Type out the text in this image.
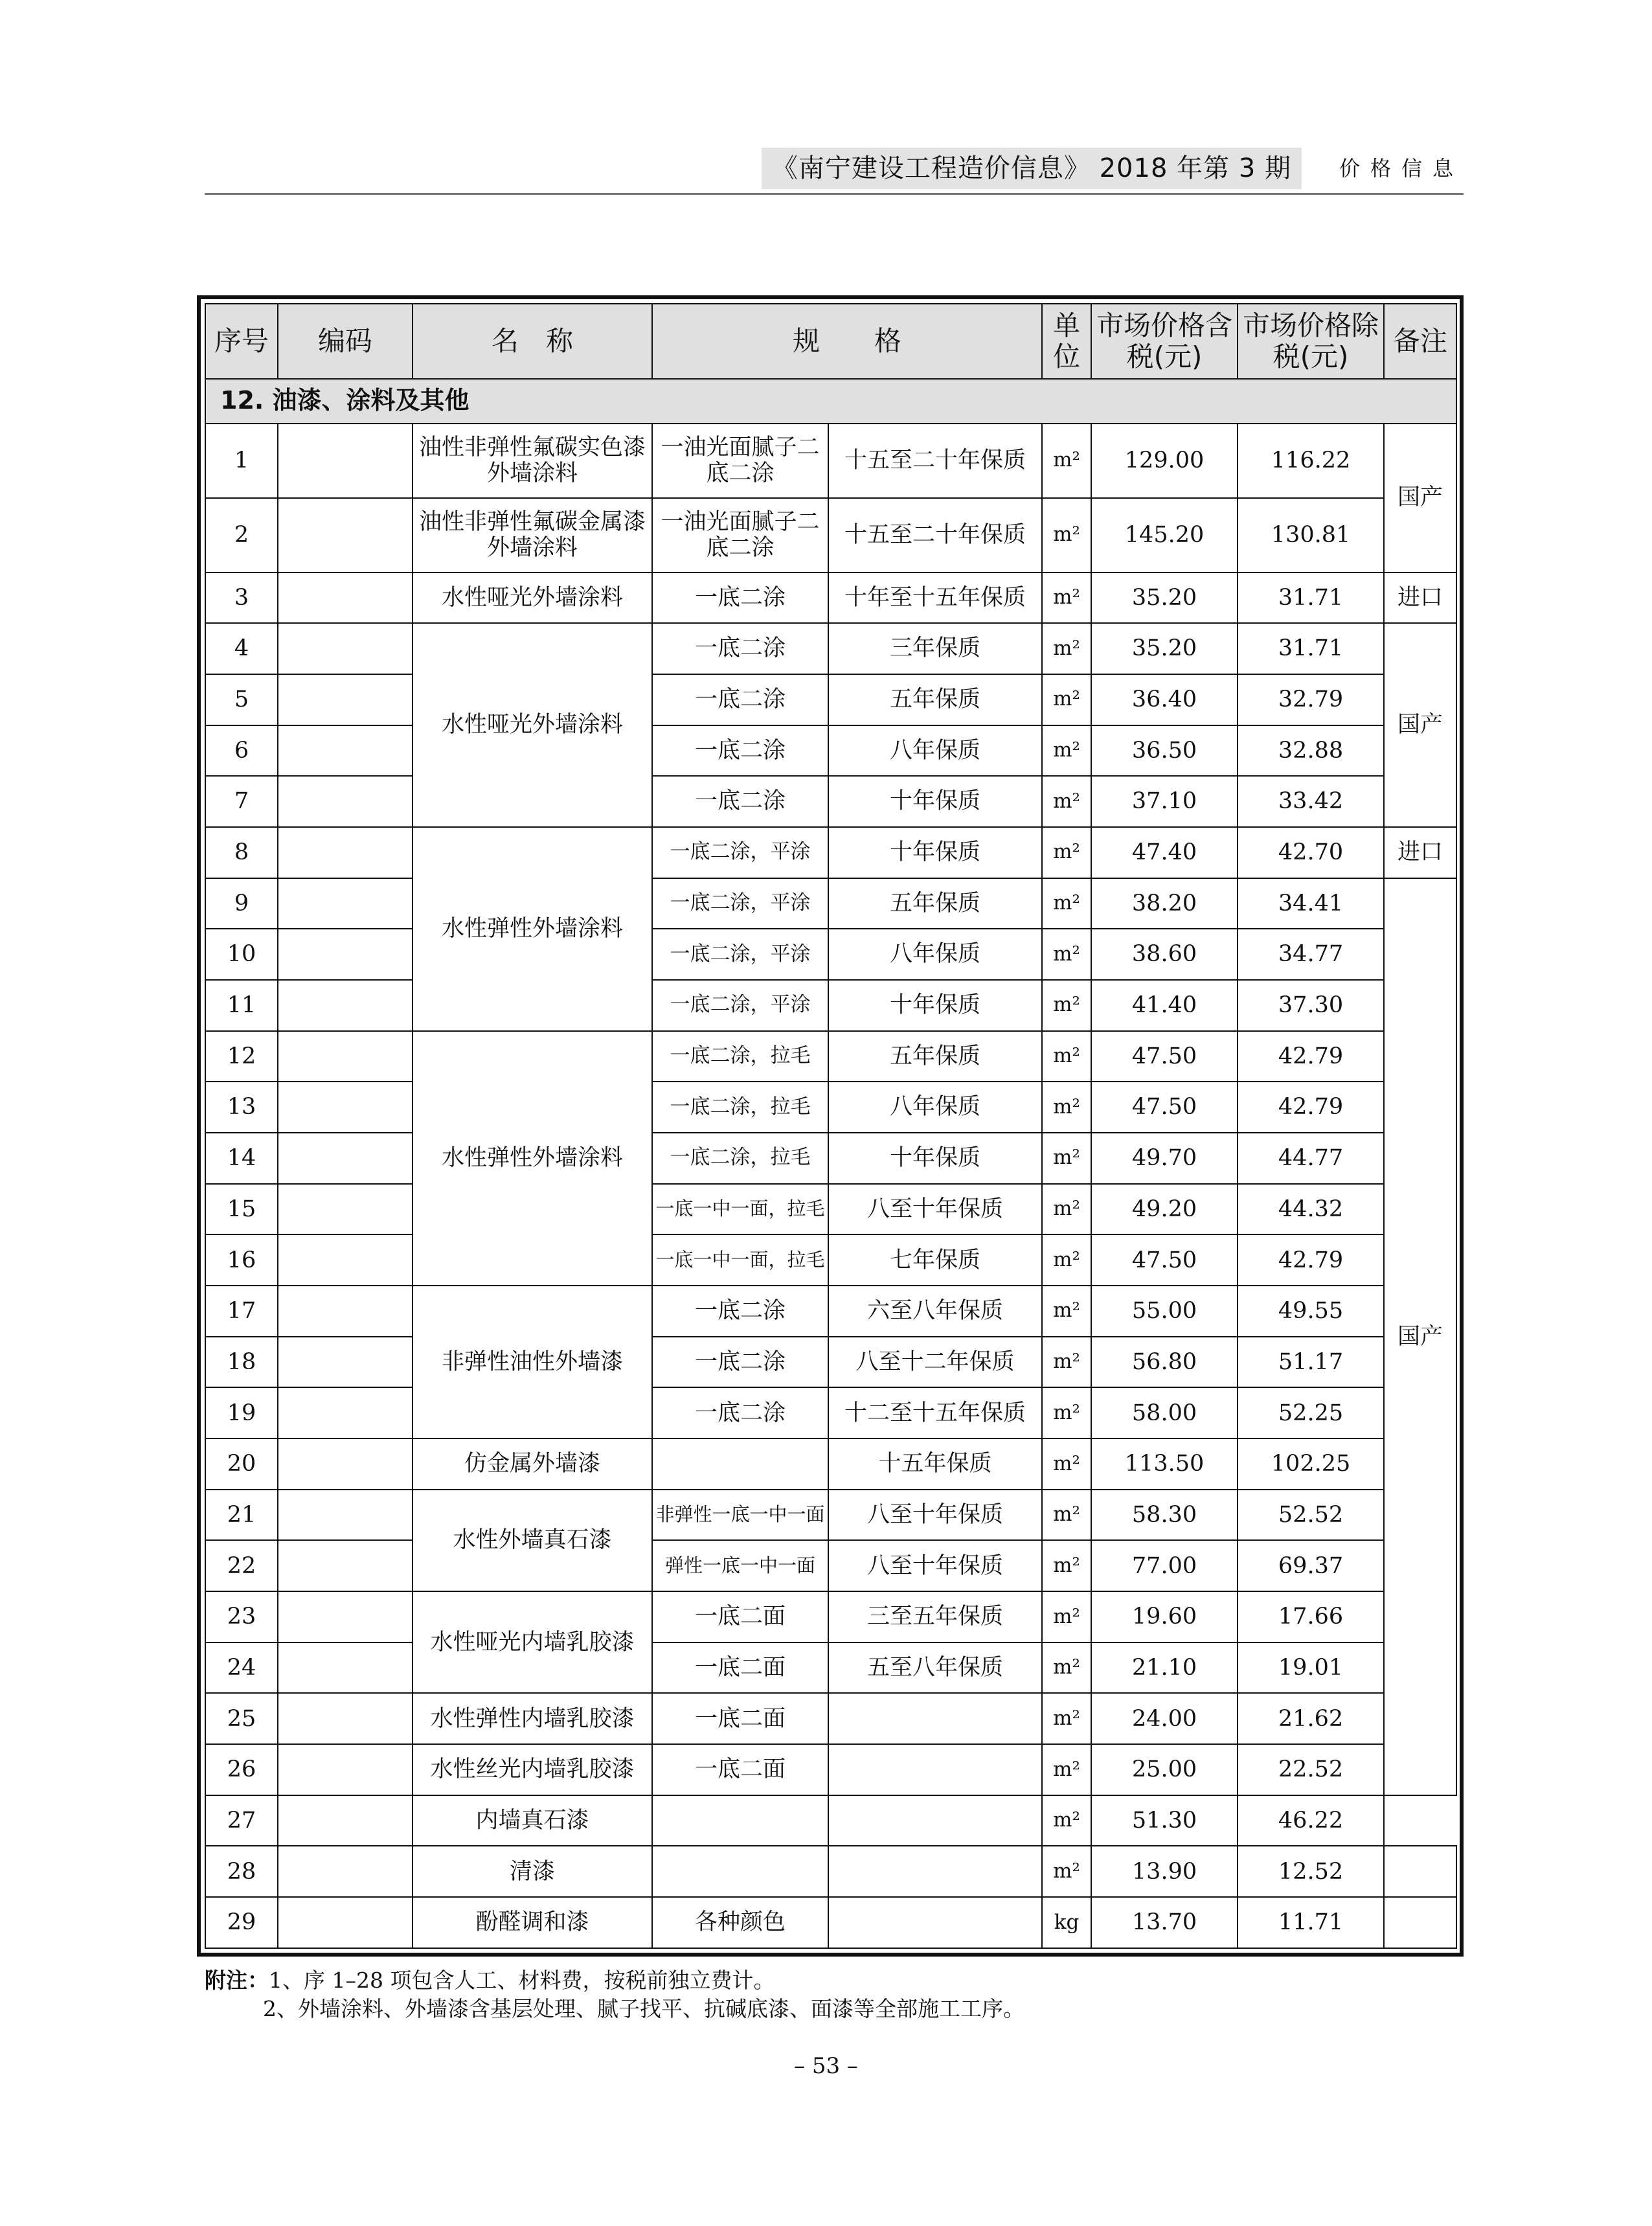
《南宁建设工程造价信息》 2018 年第 3 期	价格信息
序号	编码	名　称	规　　格		单位	市场价格含税(元)	市场价格除税(元)	备注
12. 油漆、涂料及其他								
1		油性非弹性氟碳实色漆外墙涂料	一油光面腻子二底二涂	十五至二十年保质	m²	129.00	116.22	国产
2		油性非弹性氟碳金属漆外墙涂料	一油光面腻子二底二涂	十五至二十年保质	m²	145.20	130.81	
3		水性哑光外墙涂料	一底二涂	十年至十五年保质	m²	35.20	31.71	进口
4		水性哑光外墙涂料	一底二涂	三年保质	m²	35.20	31.71	国产
5			一底二涂	五年保质	m²	36.40	32.79	
6			一底二涂	八年保质	m²	36.50	32.88	
7			一底二涂	十年保质	m²	37.10	33.42	
8		水性弹性外墙涂料	一底二涂，平涂	十年保质	m²	47.40	42.70	进口
9			一底二涂，平涂	五年保质	m²	38.20	34.41	国产
10			一底二涂，平涂	八年保质	m²	38.60	34.77	
11			一底二涂，平涂	十年保质	m²	41.40	37.30	
12		水性弹性外墙涂料	一底二涂，拉毛	五年保质	m²	47.50	42.79	
13			一底二涂，拉毛	八年保质	m²	47.50	42.79	
14			一底二涂，拉毛	十年保质	m²	49.70	44.77	
15			一底一中一面，拉毛	八至十年保质	m²	49.20	44.32	
16			一底一中一面，拉毛	七年保质	m²	47.50	42.79	
17		非弹性油性外墙漆	一底二涂	六至八年保质	m²	55.00	49.55	
18			一底二涂	八至十二年保质	m²	56.80	51.17	
19			一底二涂	十二至十五年保质	m²	58.00	52.25	
20		仿金属外墙漆		十五年保质	m²	113.50	102.25	
21		水性外墙真石漆	非弹性一底一中一面	八至十年保质	m²	58.30	52.52	
22			弹性一底一中一面	八至十年保质	m²	77.00	69.37	
23		水性哑光内墙乳胶漆	一底二面	三至五年保质	m²	19.60	17.66	
24			一底二面	五至八年保质	m²	21.10	19.01	
25		水性弹性内墙乳胶漆	一底二面		m²	24.00	21.62	
26		水性丝光内墙乳胶漆	一底二面		m²	25.00	22.52	
27		内墙真石漆			m²	51.30	46.22	
28		清漆			m²	13.90	12.52	
29		酚醛调和漆	各种颜色		kg	13.70	11.71	
附注：1、序 1–28 项包含人工、材料费，按税前独立费计。
2、外墙涂料、外墙漆含基层处理、腻子找平、抗碱底漆、面漆等全部施工工序。
– 53 –
